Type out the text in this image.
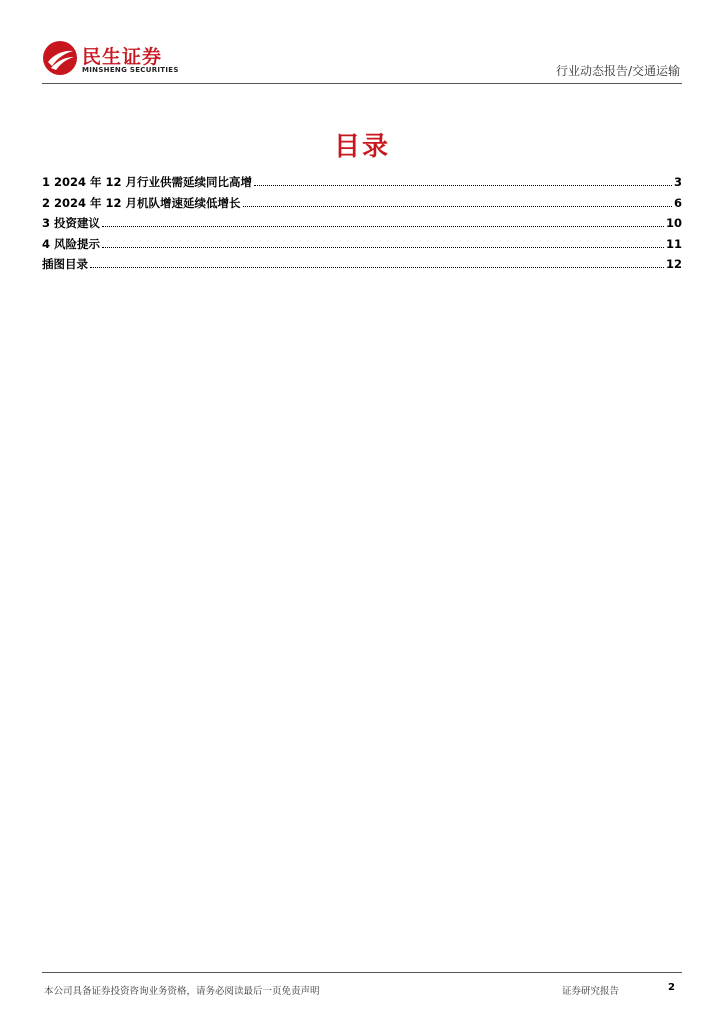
民生证券
MINSHENG SECURITIES	行业动态报告/交通运输
目录
1 2024 年 12 月行业供需延续同比高增	3
2 2024 年 12 月机队增速延续低增长	6
3 投资建议	10
4 风险提示	11
插图目录	12
本公司具备证券投资咨询业务资格，请务必阅读最后一页免责声明	证券研究报告	2
